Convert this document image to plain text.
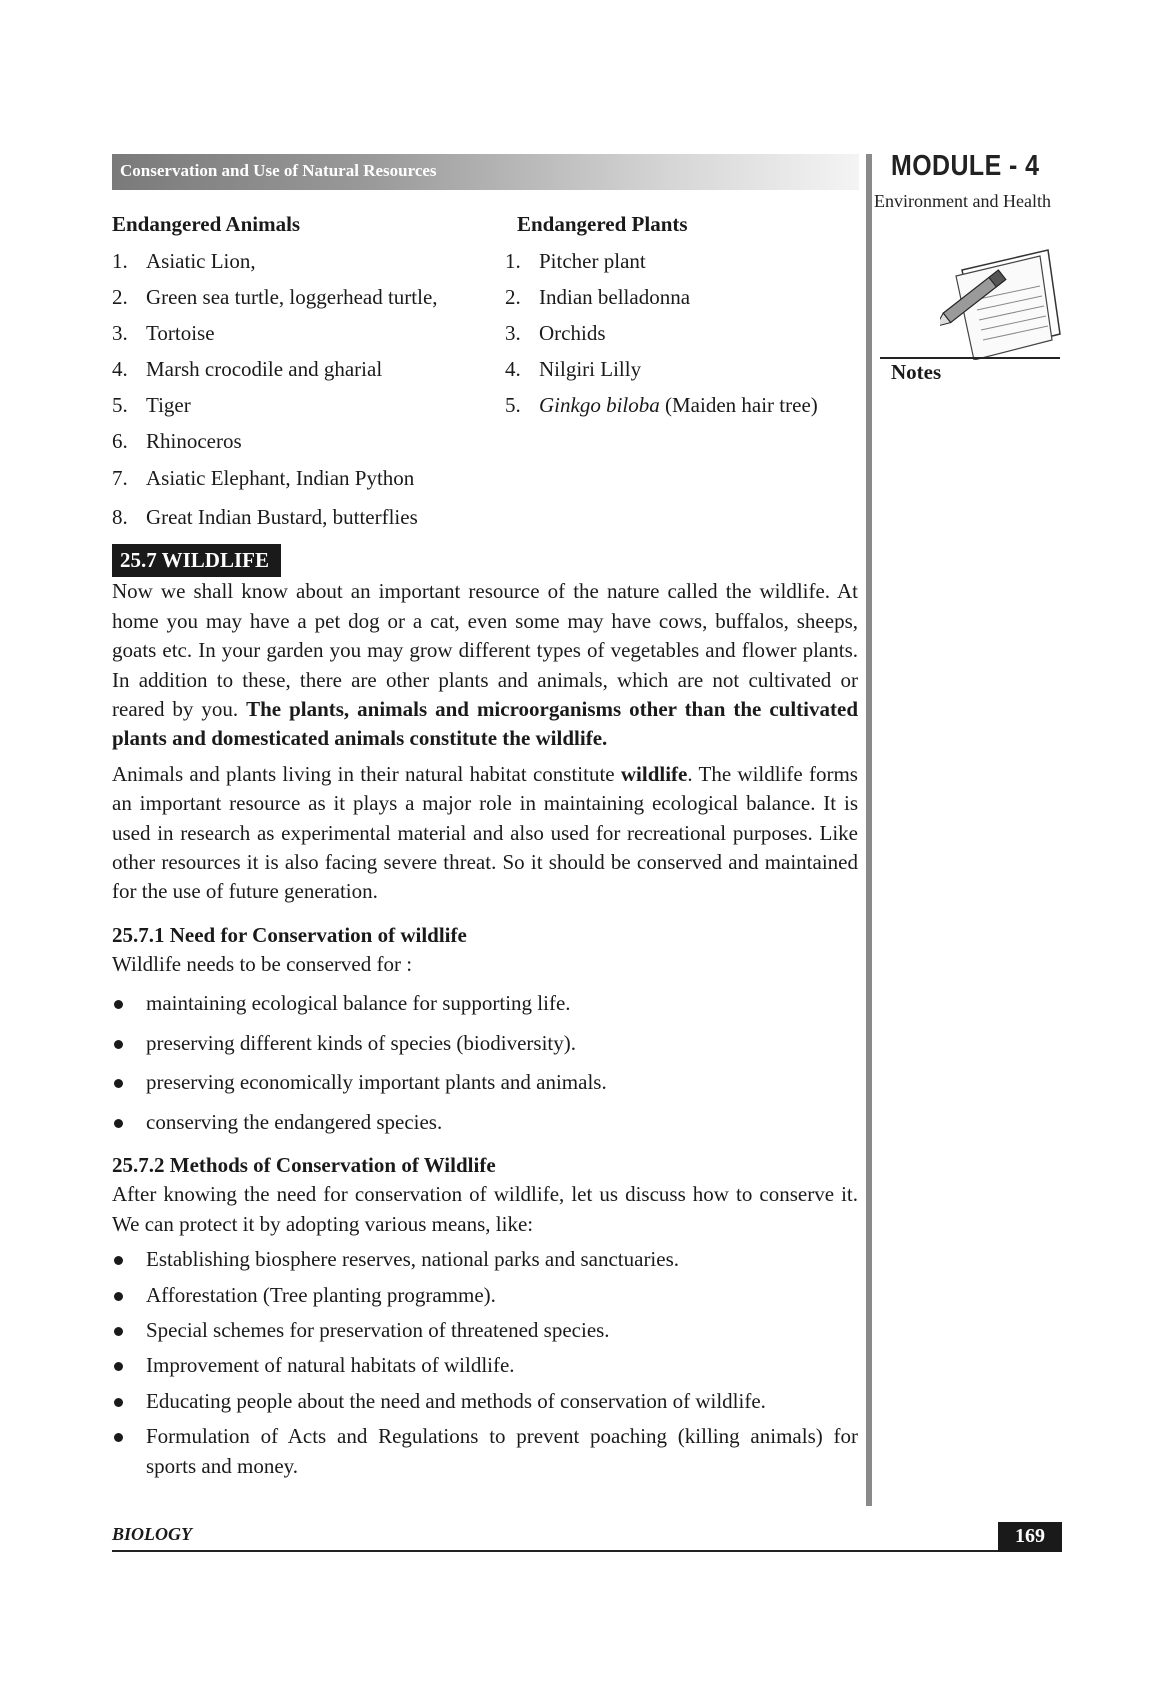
Conservation and Use of Natural Resources	MODULE - 4
Environment and Health
Notes
Endangered Animals
1. Asiatic Lion,
2. Green sea turtle, loggerhead turtle,
3. Tortoise
4. Marsh crocodile and gharial
5. Tiger
6. Rhinoceros
7. Asiatic Elephant, Indian Python
8. Great Indian Bustard, butterflies
Endangered Plants
1. Pitcher plant
2. Indian belladonna
3. Orchids
4. Nilgiri Lilly
5. Ginkgo biloba (Maiden hair tree)
25.7 WILDLIFE

Now we shall know about an important resource of the nature called the wildlife. At home you may have a pet dog or a cat, even some may have cows, buffalos, sheeps, goats etc. In your garden you may grow different types of vegetables and flower plants. In addition to these, there are other plants and animals, which are not cultivated or reared by you. The plants, animals and microorganisms other than the cultivated plants and domesticated animals constitute the wildlife.

Animals and plants living in their natural habitat constitute wildlife. The wildlife forms an important resource as it plays a major role in maintaining ecological balance. It is used in research as experimental material and also used for recreational purposes. Like other resources it is also facing severe threat. So it should be conserved and maintained for the use of future generation.

25.7.1 Need for Conservation of wildlife

Wildlife needs to be conserved for :

maintaining ecological balance for supporting life.
preserving different kinds of species (biodiversity).
preserving economically important plants and animals.
conserving the endangered species.
25.7.2 Methods of Conservation of Wildlife

After knowing the need for conservation of wildlife, let us discuss how to conserve it. We can protect it by adopting various means, like:

Establishing biosphere reserves, national parks and sanctuaries.
Afforestation (Tree planting programme).
Special schemes for preservation of threatened species.
Improvement of natural habitats of wildlife.
Educating people about the need and methods of conservation of wildlife.
Formulation of Acts and Regulations to prevent poaching (killing animals) for sports and money.
BIOLOGY	169
